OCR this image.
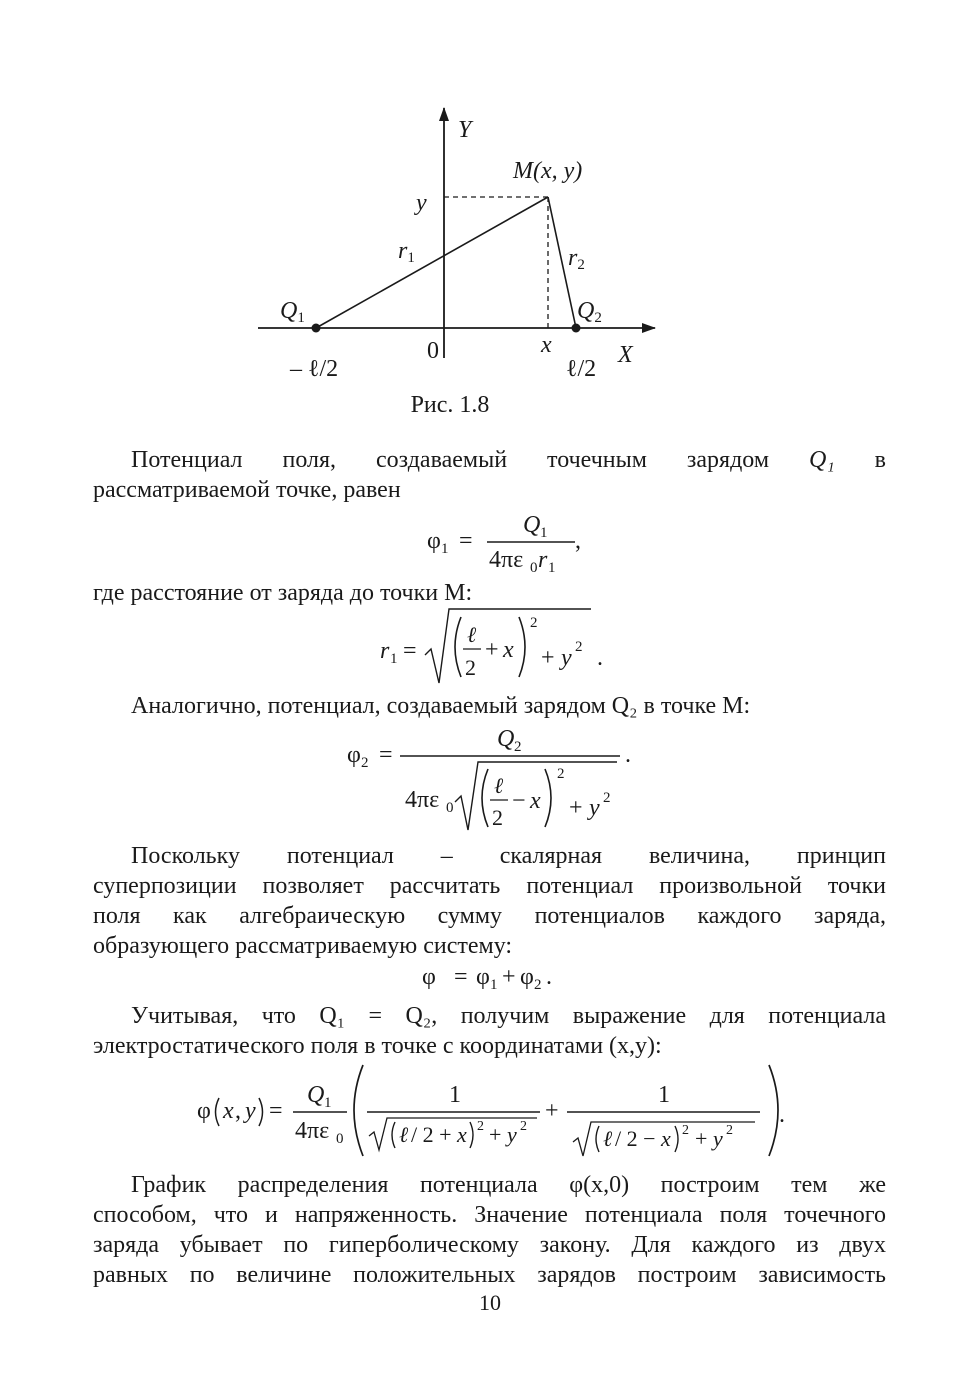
Y
X
M(x, y)
y
x
r1	r2
Q1	Q2
0
– ℓ/2	ℓ/2
Рис. 1.8
Потенциал поля, создаваемый точечным зарядом Q₁ в
рассматриваемой точке, равен
φ 1 =
Q 1
4πε 0 r 1
,
где расстояние от заряда до точки M:
r 1 =
ℓ
2
+ x
2
+ y 2 .
Аналогично, потенциал, создаваемый зарядом Q₂ в точке M:
φ 2 =
Q 2	.
4πε 0
ℓ
2
− x
2
+ y 2
Поскольку потенциал – скалярная величина, принцип
суперпозиции позволяет рассчитать потенциал произвольной точки
поля как алгебраическую сумму потенциалов каждого заряда,
образующего рассматриваемую систему:
φ = φ 1 + φ 2 .
Учитывая, что Q₁ = Q₂, получим выражение для потенциала
электростатического поля в точке с координатами (x,y):
φ x , y =
Q 1
4πε 0
1
ℓ / 2 + x 2 + y 2
+
1
ℓ / 2 − x 2 + y 2
.
График распределения потенциала φ(x,0) построим тем же
способом, что и напряженность. Значение потенциала поля точечного
заряда убывает по гиперболическому закону. Для каждого из двух
равных по величине положительных зарядов построим зависимость
10
